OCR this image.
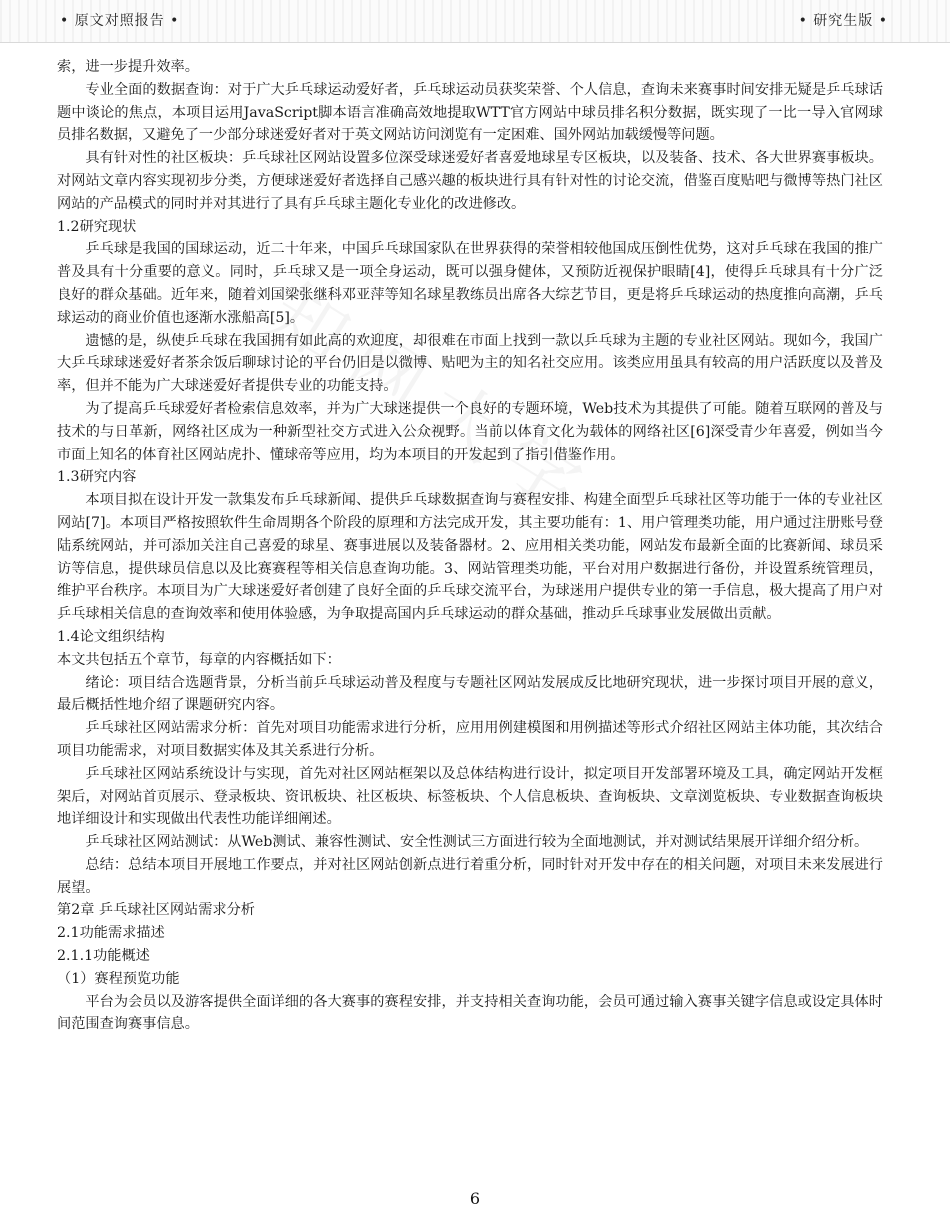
• 原文对照报告 •	• 研究生版 •

索，进一步提升效率。

专业全面的数据查询：对于广大乒乓球运动爱好者，乒乓球运动员获奖荣誉、个人信息，查询未来赛事时间安排无疑是乒乓球话题中谈论的焦点，本项目运用JavaScript脚本语言准确高效地提取WTT官方网站中球员排名积分数据，既实现了一比一导入官网球员排名数据，又避免了一少部分球迷爱好者对于英文网站访问浏览有一定困难、国外网站加载缓慢等问题。

具有针对性的社区板块：乒乓球社区网站设置多位深受球迷爱好者喜爱地球星专区板块，以及装备、技术、各大世界赛事板块。对网站文章内容实现初步分类，方便球迷爱好者选择自己感兴趣的板块进行具有针对性的讨论交流，借鉴百度贴吧与微博等热门社区网站的产品模式的同时并对其进行了具有乒乓球主题化专业化的改进修改。

1.2研究现状

乒乓球是我国的国球运动，近二十年来，中国乒乓球国家队在世界获得的荣誉相较他国成压倒性优势，这对乒乓球在我国的推广普及具有十分重要的意义。同时，乒乓球又是一项全身运动，既可以强身健体，又预防近视保护眼睛[4]，使得乒乓球具有十分广泛良好的群众基础。近年来，随着刘国梁张继科邓亚萍等知名球星教练员出席各大综艺节目，更是将乒乓球运动的热度推向高潮，乒乓球运动的商业价值也逐渐水涨船高[5]。

遗憾的是，纵使乒乓球在我国拥有如此高的欢迎度，却很难在市面上找到一款以乒乓球为主题的专业社区网站。现如今，我国广大乒乓球球迷爱好者茶余饭后聊球讨论的平台仍旧是以微博、贴吧为主的知名社交应用。该类应用虽具有较高的用户活跃度以及普及率，但并不能为广大球迷爱好者提供专业的功能支持。

为了提高乒乓球爱好者检索信息效率，并为广大球迷提供一个良好的专题环境，Web技术为其提供了可能。随着互联网的普及与技术的与日革新，网络社区成为一种新型社交方式进入公众视野。当前以体育文化为载体的网络社区[6]深受青少年喜爱，例如当今市面上知名的体育社区网站虎扑、懂球帝等应用，均为本项目的开发起到了指引借鉴作用。

1.3研究内容

本项目拟在设计开发一款集发布乒乓球新闻、提供乒乓球数据查询与赛程安排、构建全面型乒乓球社区等功能于一体的专业社区网站[7]。本项目严格按照软件生命周期各个阶段的原理和方法完成开发，其主要功能有：1、用户管理类功能，用户通过注册账号登陆系统网站，并可添加关注自己喜爱的球星、赛事进展以及装备器材。2、应用相关类功能，网站发布最新全面的比赛新闻、球员采访等信息，提供球员信息以及比赛赛程等相关信息查询功能。3、网站管理类功能，平台对用户数据进行备份，并设置系统管理员，维护平台秩序。本项目为广大球迷爱好者创建了良好全面的乒乓球交流平台，为球迷用户提供专业的第一手信息，极大提高了用户对乒乓球相关信息的查询效率和使用体验感，为争取提高国内乒乓球运动的群众基础，推动乒乓球事业发展做出贡献。

1.4论文组织结构

本文共包括五个章节，每章的内容概括如下：

绪论：项目结合选题背景，分析当前乒乓球运动普及程度与专题社区网站发展成反比地研究现状，进一步探讨项目开展的意义，最后概括性地介绍了课题研究内容。

乒乓球社区网站需求分析：首先对项目功能需求进行分析，应用用例建模图和用例描述等形式介绍社区网站主体功能，其次结合项目功能需求，对项目数据实体及其关系进行分析。

乒乓球社区网站系统设计与实现，首先对社区网站框架以及总体结构进行设计，拟定项目开发部署环境及工具，确定网站开发框架后，对网站首页展示、登录板块、资讯板块、社区板块、标签板块、个人信息板块、查询板块、文章浏览板块、专业数据查询板块地详细设计和实现做出代表性功能详细阐述。

乒乓球社区网站测试：从Web测试、兼容性测试、安全性测试三方面进行较为全面地测试，并对测试结果展开详细介绍分析。

总结：总结本项目开展地工作要点，并对社区网站创新点进行着重分析，同时针对开发中存在的相关问题，对项目未来发展进行展望。

第2章 乒乓球社区网站需求分析

2.1功能需求描述

2.1.1功能概述

（1）赛程预览功能

平台为会员以及游客提供全面详细的各大赛事的赛程安排，并支持相关查询功能，会员可通过输入赛事关键字信息或设定具体时间范围查询赛事信息。

6
